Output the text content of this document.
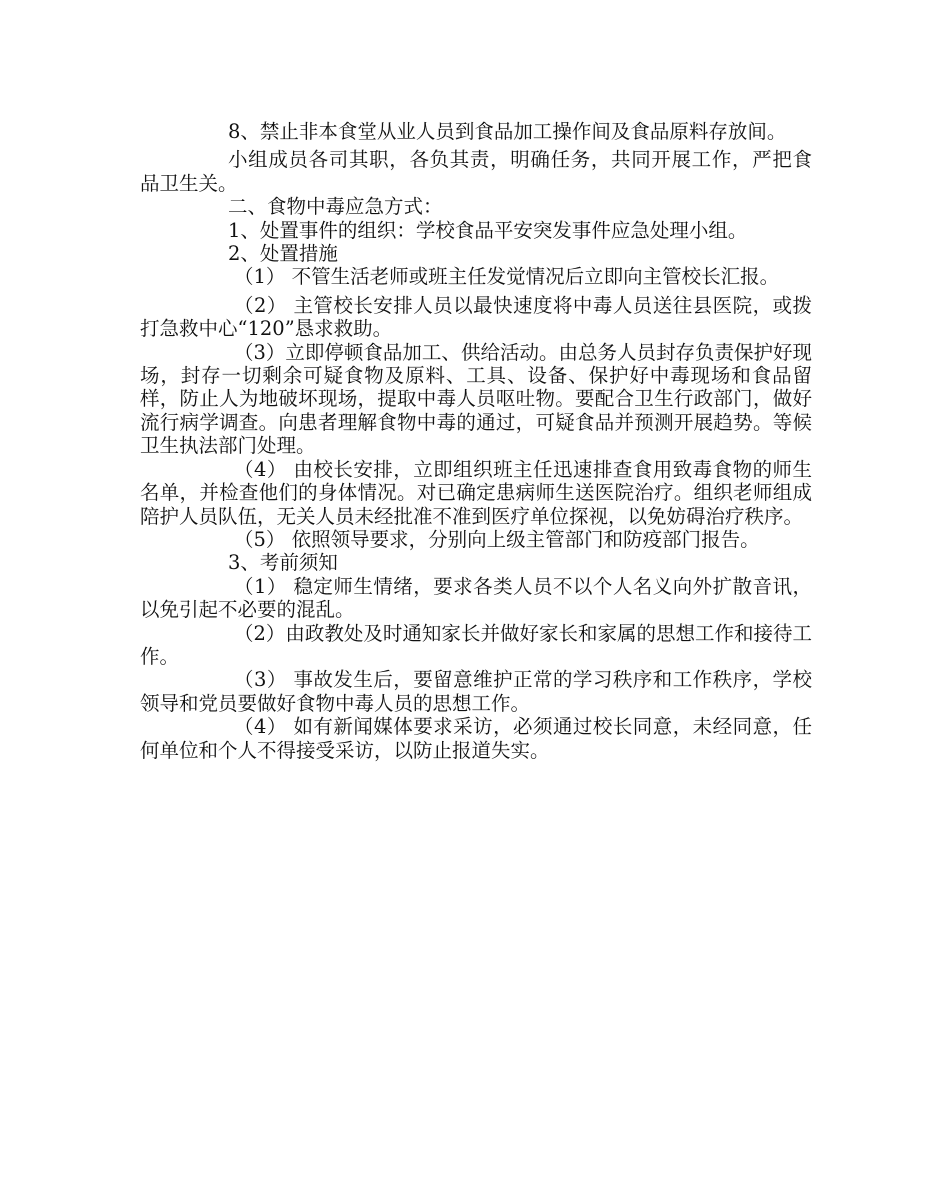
8、禁止非本食堂从业人员到食品加工操作间及食品原料存放间。

小组成员各司其职，各负其责，明确任务，共同开展工作，严把食品卫生关。

二、食物中毒应急方式：

1、处置事件的组织：学校食品平安突发事件应急处理小组。

2、处置措施

（1） 不管生活老师或班主任发觉情况后立即向主管校长汇报。

（2） 主管校长安排人员以最快速度将中毒人员送往县医院，或拨打急救中心“120”恳求救助。

（3）立即停顿食品加工、供给活动。由总务人员封存负责保护好现场，封存一切剩余可疑食物及原料、工具、设备、保护好中毒现场和食品留样，防止人为地破坏现场，提取中毒人员呕吐物。要配合卫生行政部门，做好流行病学调查。向患者理解食物中毒的通过，可疑食品并预测开展趋势。等候卫生执法部门处理。

（4） 由校长安排，立即组织班主任迅速排查食用致毒食物的师生名单，并检查他们的身体情况。对已确定患病师生送医院治疗。组织老师组成陪护人员队伍，无关人员未经批准不准到医疗单位探视，以免妨碍治疗秩序。

（5） 依照领导要求，分别向上级主管部门和防疫部门报告。

3、考前须知

（1） 稳定师生情绪，要求各类人员不以个人名义向外扩散音讯，以免引起不必要的混乱。

（2）由政教处及时通知家长并做好家长和家属的思想工作和接待工作。

（3） 事故发生后，要留意维护正常的学习秩序和工作秩序，学校领导和党员要做好食物中毒人员的思想工作。

（4） 如有新闻媒体要求采访，必须通过校长同意，未经同意，任何单位和个人不得接受采访，以防止报道失实。
